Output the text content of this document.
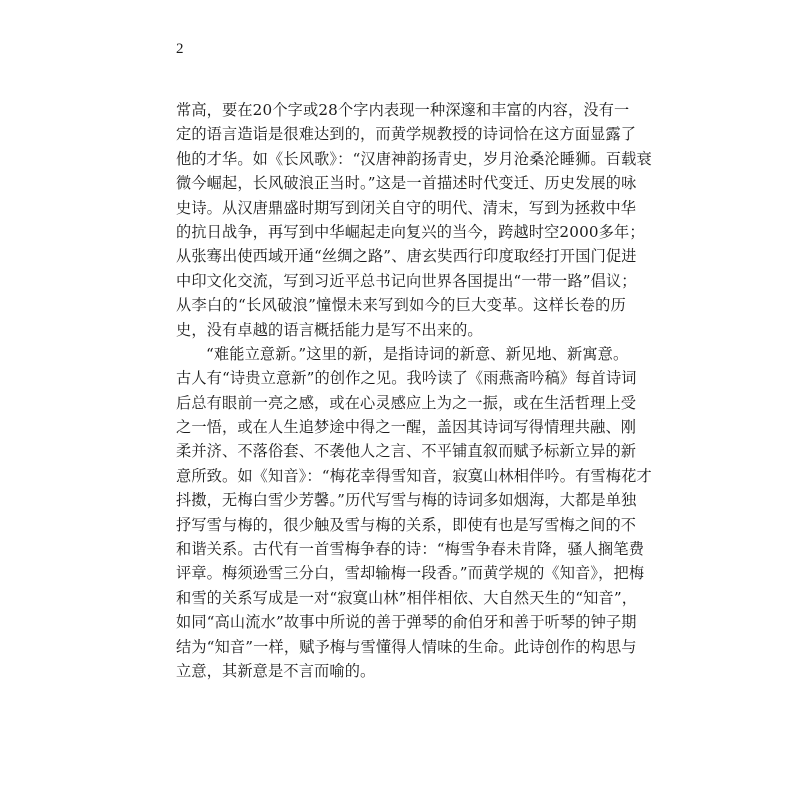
2
常高，要在20个字或28个字内表现一种深邃和丰富的内容，没有一
定的语言造诣是很难达到的，而黄学规教授的诗词恰在这方面显露了
他的才华。如《长风歌》：“汉唐神韵扬青史，岁月沧桑沦睡狮。百载衰
微今崛起，长风破浪正当时。”这是一首描述时代变迁、历史发展的咏
史诗。从汉唐鼎盛时期写到闭关自守的明代、清末，写到为拯救中华
的抗日战争，再写到中华崛起走向复兴的当今，跨越时空2000多年；
从张骞出使西域开通“丝绸之路”、唐玄奘西行印度取经打开国门促进
中印文化交流，写到习近平总书记向世界各国提出“一带一路”倡议；
从李白的“长风破浪”憧憬未来写到如今的巨大变革。这样长卷的历
史，没有卓越的语言概括能力是写不出来的。
“难能立意新。”这里的新，是指诗词的新意、新见地、新寓意。
古人有“诗贵立意新”的创作之见。我吟读了《雨燕斋吟稿》每首诗词
后总有眼前一亮之感，或在心灵感应上为之一振，或在生活哲理上受
之一悟，或在人生追梦途中得之一醒，盖因其诗词写得情理共融、刚
柔并济、不落俗套、不袭他人之言、不平铺直叙而赋予标新立异的新
意所致。如《知音》：“梅花幸得雪知音，寂寞山林相伴吟。有雪梅花才
抖擞，无梅白雪少芳馨。”历代写雪与梅的诗词多如烟海，大都是单独
抒写雪与梅的，很少触及雪与梅的关系，即使有也是写雪梅之间的不
和谐关系。古代有一首雪梅争春的诗：“梅雪争春未肯降，骚人搁笔费
评章。梅须逊雪三分白，雪却输梅一段香。”而黄学规的《知音》，把梅
和雪的关系写成是一对“寂寞山林”相伴相依、大自然天生的“知音”，
如同“高山流水”故事中所说的善于弹琴的俞伯牙和善于听琴的钟子期
结为“知音”一样，赋予梅与雪懂得人情味的生命。此诗创作的构思与
立意，其新意是不言而喻的。
